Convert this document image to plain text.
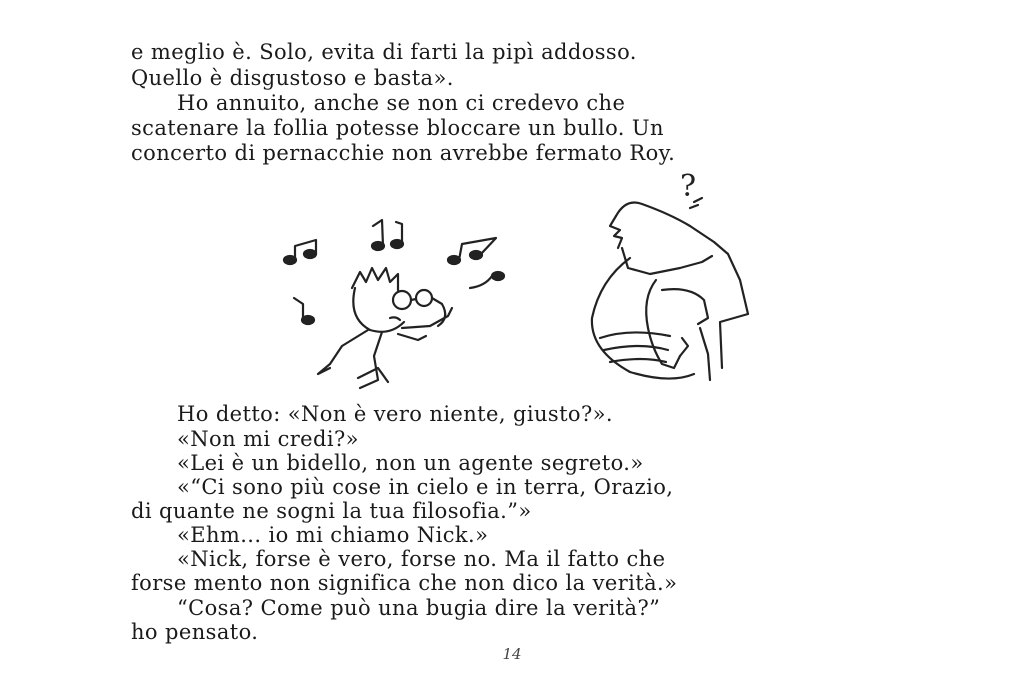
e meglio è. Solo, evita di farti la pipì addosso.
Quello è disgustoso e basta».
Ho annuito, anche se non ci credevo che
scatenare la follia potesse bloccare un bullo. Un
concerto di pernacchie non avrebbe fermato Roy.
?
Ho detto: «Non è vero niente, giusto?».
«Non mi credi?»
«Lei è un bidello, non un agente segreto.»
«“Ci sono più cose in cielo e in terra, Orazio,
di quante ne sogni la tua filosofia.”»
«Ehm... io mi chiamo Nick.»
«Nick, forse è vero, forse no. Ma il fatto che
forse mento non significa che non dico la verità.»
“Cosa? Come può una bugia dire la verità?”
ho pensato.
14
